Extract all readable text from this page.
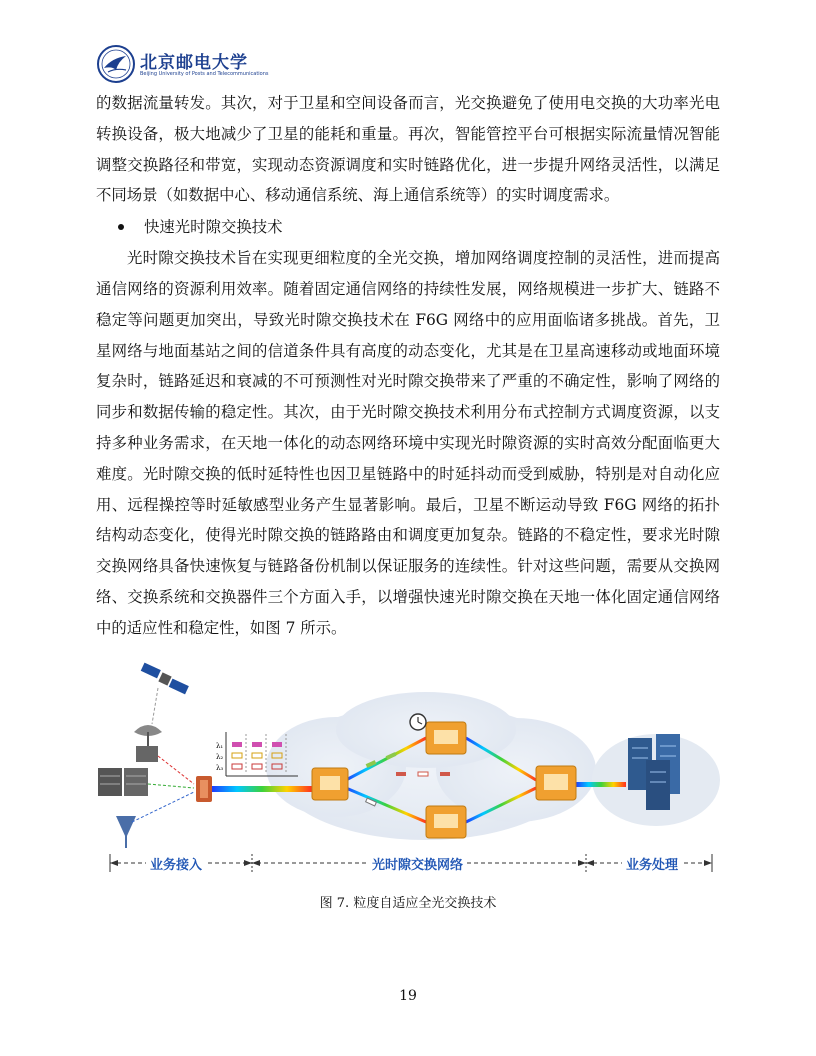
北京邮电大学
Beijing University of Posts and Telecommunications

的数据流量转发。其次，对于卫星和空间设备而言，光交换避免了使用电交换的大功率光电转换设备，极大地减少了卫星的能耗和重量。再次，智能管控平台可根据实际流量情况智能调整交换路径和带宽，实现动态资源调度和实时链路优化，进一步提升网络灵活性，以满足不同场景（如数据中心、移动通信系统、海上通信系统等）的实时调度需求。

快速光时隙交换技术

光时隙交换技术旨在实现更细粒度的全光交换，增加网络调度控制的灵活性，进而提高通信网络的资源利用效率。随着固定通信网络的持续性发展，网络规模进一步扩大、链路不稳定等问题更加突出，导致光时隙交换技术在 F6G 网络中的应用面临诸多挑战。首先，卫星网络与地面基站之间的信道条件具有高度的动态变化，尤其是在卫星高速移动或地面环境复杂时，链路延迟和衰减的不可预测性对光时隙交换带来了严重的不确定性，影响了网络的同步和数据传输的稳定性。其次，由于光时隙交换技术利用分布式控制方式调度资源，以支持多种业务需求，在天地一体化的动态网络环境中实现光时隙资源的实时高效分配面临更大难度。光时隙交换的低时延特性也因卫星链路中的时延抖动而受到威胁，特别是对自动化应用、远程操控等时延敏感型业务产生显著影响。最后，卫星不断运动导致 F6G 网络的拓扑结构动态变化，使得光时隙交换的链路路由和调度更加复杂。链路的不稳定性，要求光时隙交换网络具备快速恢复与链路备份机制以保证服务的连续性。针对这些问题，需要从交换网络、交换系统和交换器件三个方面入手，以增强快速光时隙交换在天地一体化固定通信网络中的适应性和稳定性，如图 7 所示。

λ₁
λ₂
λ₃
业务接入	光时隙交换网络	业务处理
图 7. 粒度自适应全光交换技术
19
